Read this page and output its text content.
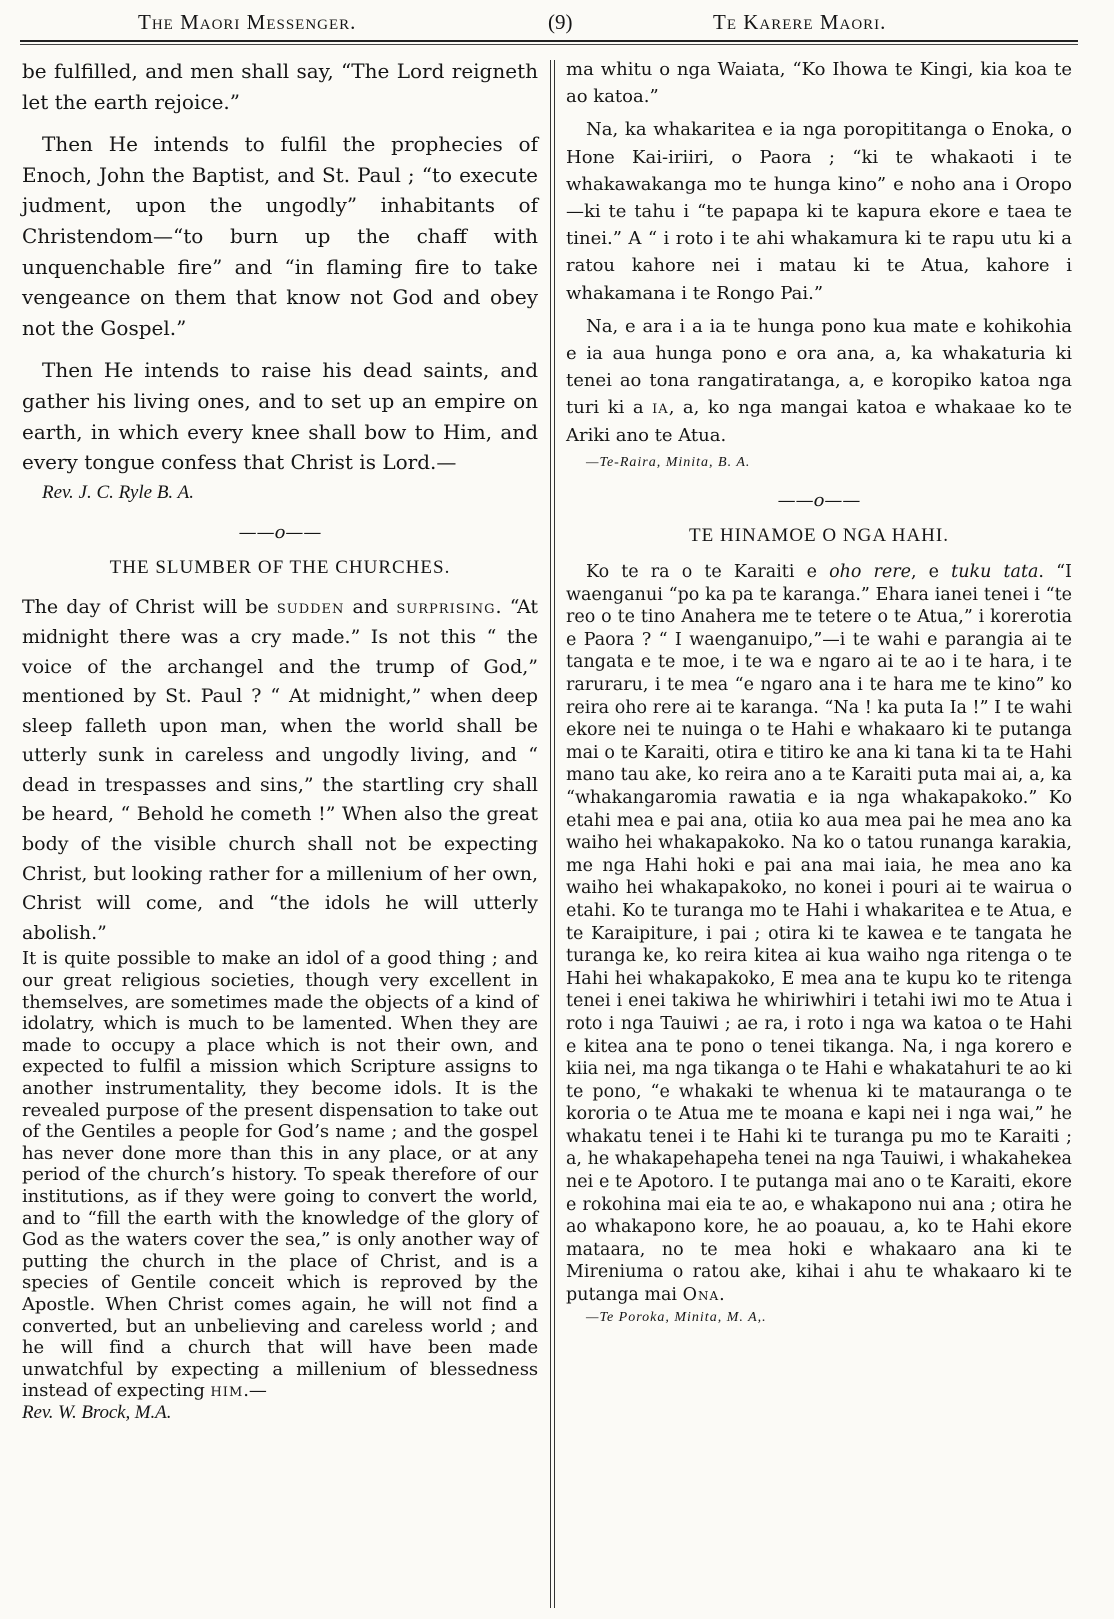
The Maori Messenger.	(9)	Te Karere Maori.

be fulfilled, and men shall say, “The Lord reigneth let the earth rejoice.”

Then He intends to fulfil the prophecies of Enoch, John the Baptist, and St. Paul ; “to execute judment, upon the ungodly” inhabitants of Christendom—“to burn up the chaff with unquenchable fire” and “in flaming fire to take vengeance on them that know not God and obey not the Gospel.”

Then He intends to raise his dead saints, and gather his living ones, and to set up an empire on earth, in which every knee shall bow to Him, and every tongue confess that Christ is Lord.—
Rev. J. C. Ryle B. A.

——o——
THE SLUMBER OF THE CHURCHES.

The day of Christ will be sudden and surprising. “At midnight there was a cry made.” Is not this “ the voice of the archangel and the trump of God,” mentioned by St. Paul ? “ At midnight,” when deep sleep falleth upon man, when the world shall be utterly sunk in careless and ungodly living, and “ dead in trespasses and sins,” the startling cry shall be heard, “ Behold he cometh !” When also the great body of the visible church shall not be expecting Christ, but looking rather for a millenium of her own, Christ will come, and “the idols he will utterly abolish.”

It is quite possible to make an idol of a good thing ; and our great religious societies, though very excellent in themselves, are sometimes made the objects of a kind of idolatry, which is much to be lamented. When they are made to occupy a place which is not their own, and expected to fulfil a mission which Scripture assigns to another instrumentality, they become idols. It is the revealed purpose of the present dispensation to take out of the Gentiles a people for God’s name ; and the gospel has never done more than this in any place, or at any period of the church’s history. To speak therefore of our institutions, as if they were going to convert the world, and to “fill the earth with the knowledge of the glory of God as the waters cover the sea,” is only another way of putting the church in the place of Christ, and is a species of Gentile conceit which is reproved by the Apostle. When Christ comes again, he will not find a converted, but an unbelieving and careless world ; and he will find a church that will have been made unwatchful by expecting a millenium of blessedness instead of expecting him.—
Rev. W. Brock, M.A.

ma whitu o nga Waiata, “Ko Ihowa te Kingi, kia koa te ao katoa.”

Na, ka whakaritea e ia nga poropititanga o Enoka, o Hone Kai-iriiri, o Paora ; “ki te whakaoti i te whakawakanga mo te hunga kino” e noho ana i Oropo—ki te tahu i “te papapa ki te kapura ekore e taea te tinei.” A “ i roto i te ahi whakamura ki te rapu utu ki a ratou kahore nei i matau ki te Atua, kahore i whakamana i te Rongo Pai.”

Na, e ara i a ia te hunga pono kua mate e kohikohia e ia aua hunga pono e ora ana, a, ka whakaturia ki tenei ao tona rangatiratanga, a, e koropiko katoa nga turi ki a ia, a, ko nga mangai katoa e whakaae ko te Ariki ano te Atua.
—Te-Raira, Minita, B. A.

——o——
TE HINAMOE O NGA HAHI.

Ko te ra o te Karaiti e oho rere, e tuku tata. “I waenganui “po ka pa te karanga.” Ehara ianei tenei i “te reo o te tino Anahera me te tetere o te Atua,” i korerotia e Paora ? “ I waenganuipo,”—i te wahi e parangia ai te tangata e te moe, i te wa e ngaro ai te ao i te hara, i te raruraru, i te mea “e ngaro ana i te hara me te kino” ko reira oho rere ai te karanga. “Na ! ka puta Ia !” I te wahi ekore nei te nuinga o te Hahi e whakaaro ki te putanga mai o te Karaiti, otira e titiro ke ana ki tana ki ta te Hahi mano tau ake, ko reira ano a te Karaiti puta mai ai, a, ka “whakangaromia rawatia e ia nga whakapakoko.” Ko etahi mea e pai ana, otiia ko aua mea pai he mea ano ka waiho hei whakapakoko. Na ko o tatou runanga karakia, me nga Hahi hoki e pai ana mai iaia, he mea ano ka waiho hei whakapakoko, no konei i pouri ai te wairua o etahi. Ko te turanga mo te Hahi i whakaritea e te Atua, e te Karaipiture, i pai ; otira ki te kawea e te tangata he turanga ke, ko reira kitea ai kua waiho nga ritenga o te Hahi hei whakapakoko, E mea ana te kupu ko te ritenga tenei i enei takiwa he whiriwhiri i tetahi iwi mo te Atua i roto i nga Tauiwi ; ae ra, i roto i nga wa katoa o te Hahi e kitea ana te pono o tenei tikanga. Na, i nga korero e kiia nei, ma nga tikanga o te Hahi e whakatahuri te ao ki te pono, “e whakaki te whenua ki te matauranga o te kororia o te Atua me te moana e kapi nei i nga wai,” he whakatu tenei i te Hahi ki te turanga pu mo te Karaiti ; a, he whakapehapeha tenei na nga Tauiwi, i whakahekea nei e te Apotoro. I te putanga mai ano o te Karaiti, ekore e rokohina mai eia te ao, e whakapono nui ana ; otira he ao whakapono kore, he ao poauau, a, ko te Hahi ekore mataara, no te mea hoki e whakaaro ana ki te Mireniuma o ratou ake, kihai i ahu te whakaaro ki te putanga mai Ona.
—Te Poroka, Minita, M. A,.
